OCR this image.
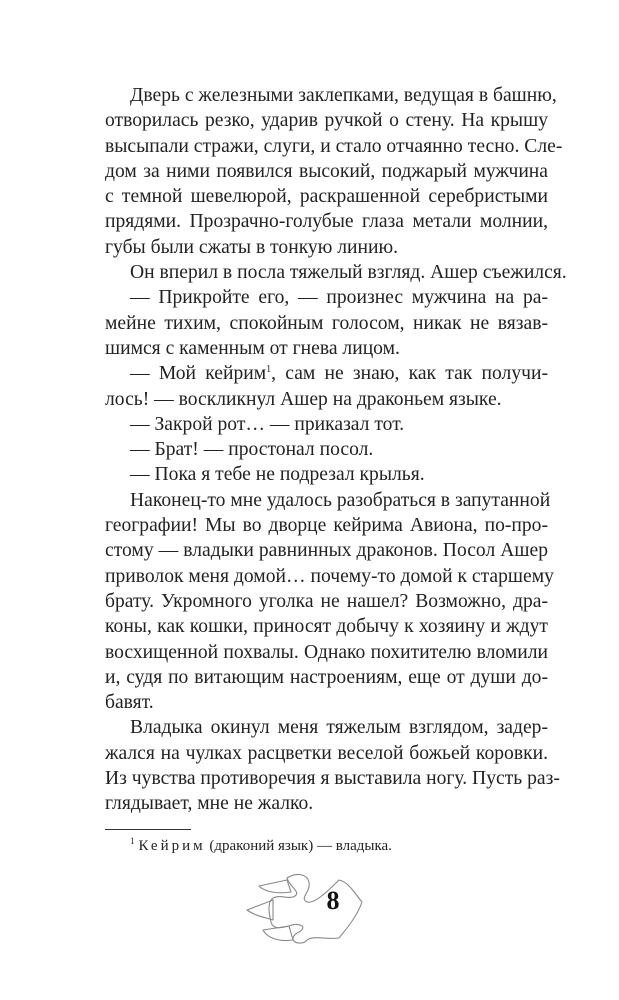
Дверь с железными заклепками, ведущая в башню,
отворилась резко, ударив ручкой о стену. На крышу
высыпали стражи, слуги, и стало отчаянно тесно. Сле-
дом за ними появился высокий, поджарый мужчина
с темной шевелюрой, раскрашенной серебристыми
прядями. Прозрачно-голубые глаза метали молнии,
губы были сжаты в тонкую линию.
Он вперил в посла тяжелый взгляд. Ашер съежился.
— Прикройте его, — произнес мужчина на ра-
мейне тихим, спокойным голосом, никак не вязав-
шимся с каменным от гнева лицом.
— Мой кейрим$^1$, сам не знаю, как так получи-
лось! — воскликнул Ашер на драконьем языке.
— Закрой рот… — приказал тот.
— Брат! — простонал посол.
— Пока я тебе не подрезал крылья.
Наконец-то мне удалось разобраться в запутанной
географии! Мы во дворце кейрима Авиона, по-про-
стому — владыки равнинных драконов. Посол Ашер
приволок меня домой… почему-то домой к старшему
брату. Укромного уголка не нашел? Возможно, дра-
коны, как кошки, приносят добычу к хозяину и ждут
восхищенной похвалы. Однако похитителю вломили
и, судя по витающим настроениям, еще от души до-
бавят.
Владыка окинул меня тяжелым взглядом, задер-
жался на чулках расцветки веселой божьей коровки.
Из чувства противоречия я выставила ногу. Пусть раз-
глядывает, мне не жалко.
$^1$ Кейрим (драконий язык) — владыка.
8
